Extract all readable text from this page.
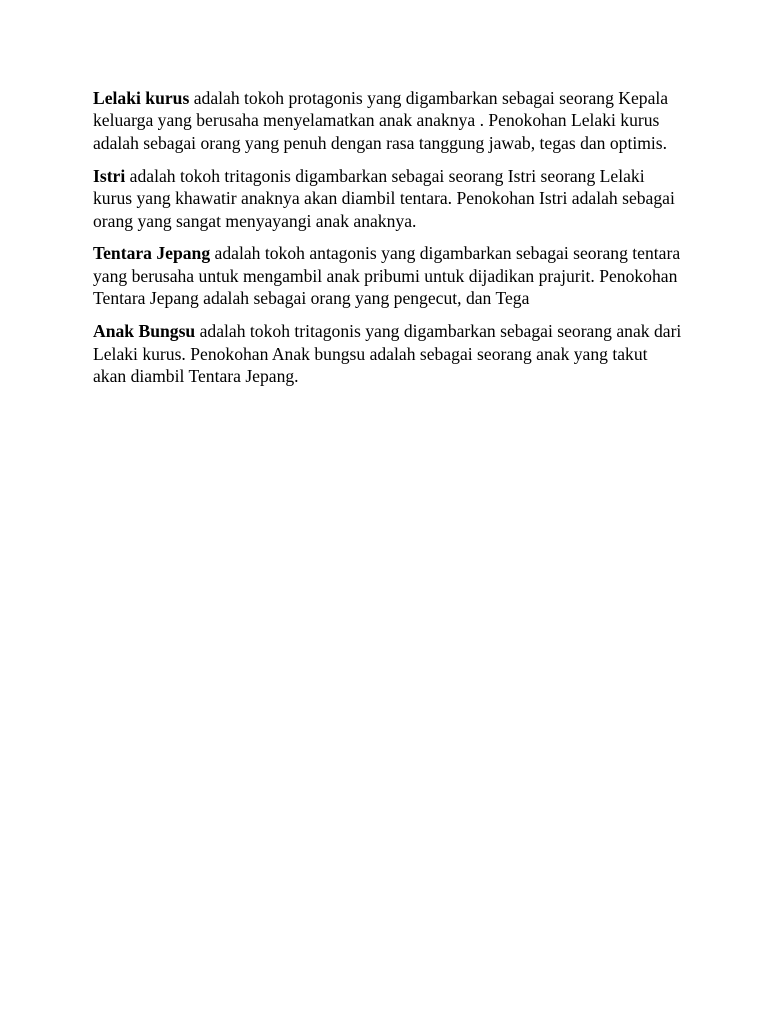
Lelaki kurus adalah tokoh protagonis yang digambarkan sebagai seorang Kepala keluarga yang berusaha menyelamatkan anak anaknya . Penokohan Lelaki kurus adalah sebagai orang yang penuh dengan rasa tanggung jawab, tegas dan optimis.

Istri adalah tokoh tritagonis digambarkan sebagai seorang Istri seorang Lelaki kurus yang khawatir anaknya akan diambil tentara. Penokohan Istri adalah sebagai orang yang sangat menyayangi anak anaknya.

Tentara Jepang adalah tokoh antagonis yang digambarkan sebagai seorang tentara yang berusaha untuk mengambil anak pribumi untuk dijadikan prajurit. Penokohan Tentara Jepang adalah sebagai orang yang pengecut, dan Tega

Anak Bungsu adalah tokoh tritagonis yang digambarkan sebagai seorang anak dari Lelaki kurus. Penokohan Anak bungsu adalah sebagai seorang anak yang takut akan diambil Tentara Jepang.
